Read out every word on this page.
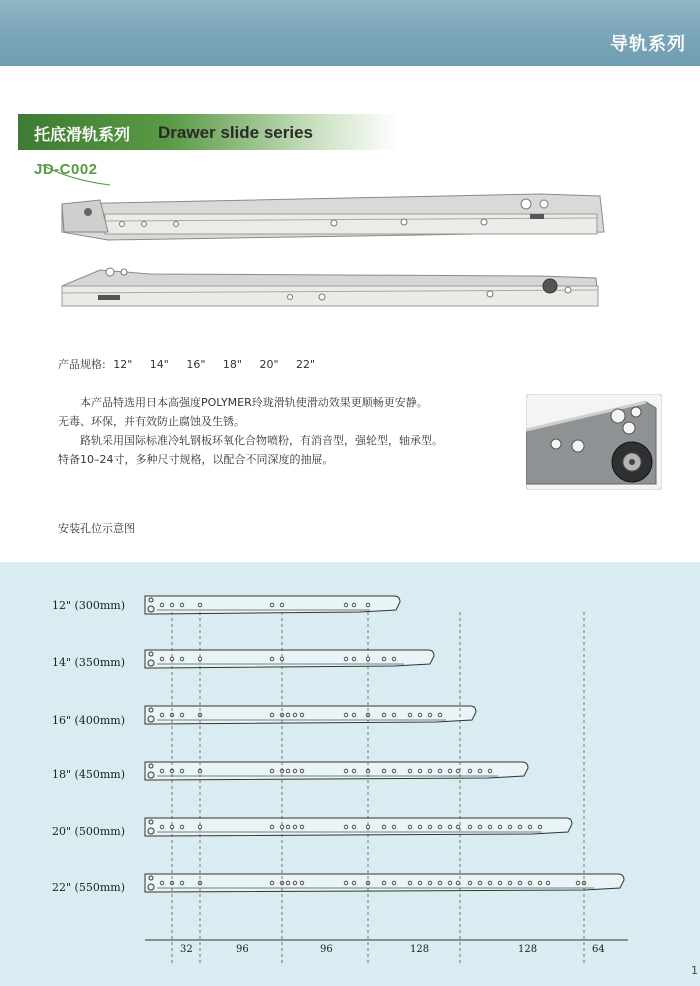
导轨系列
托底滑轨系列 Drawer slide series
JD-C002
产品规格: 12" 14" 16" 18" 20" 22"

本产品特选用日本高强度POLYMER玲珑滑轨使滑动效果更顺畅更安静。

无毒、环保，并有效防止腐蚀及生锈。

路轨采用国际标准冷轧钢板环氧化合物喷粉，有消音型，强轮型，轴承型。

特备10–24寸，多种尺寸规格，以配合不同深度的抽屉。

安装孔位示意图
12" (300mm)
14" (350mm)
16" (400mm)
18" (450mm)
20" (500mm)
22" (550mm)
32	96	96	128	128	64
1
